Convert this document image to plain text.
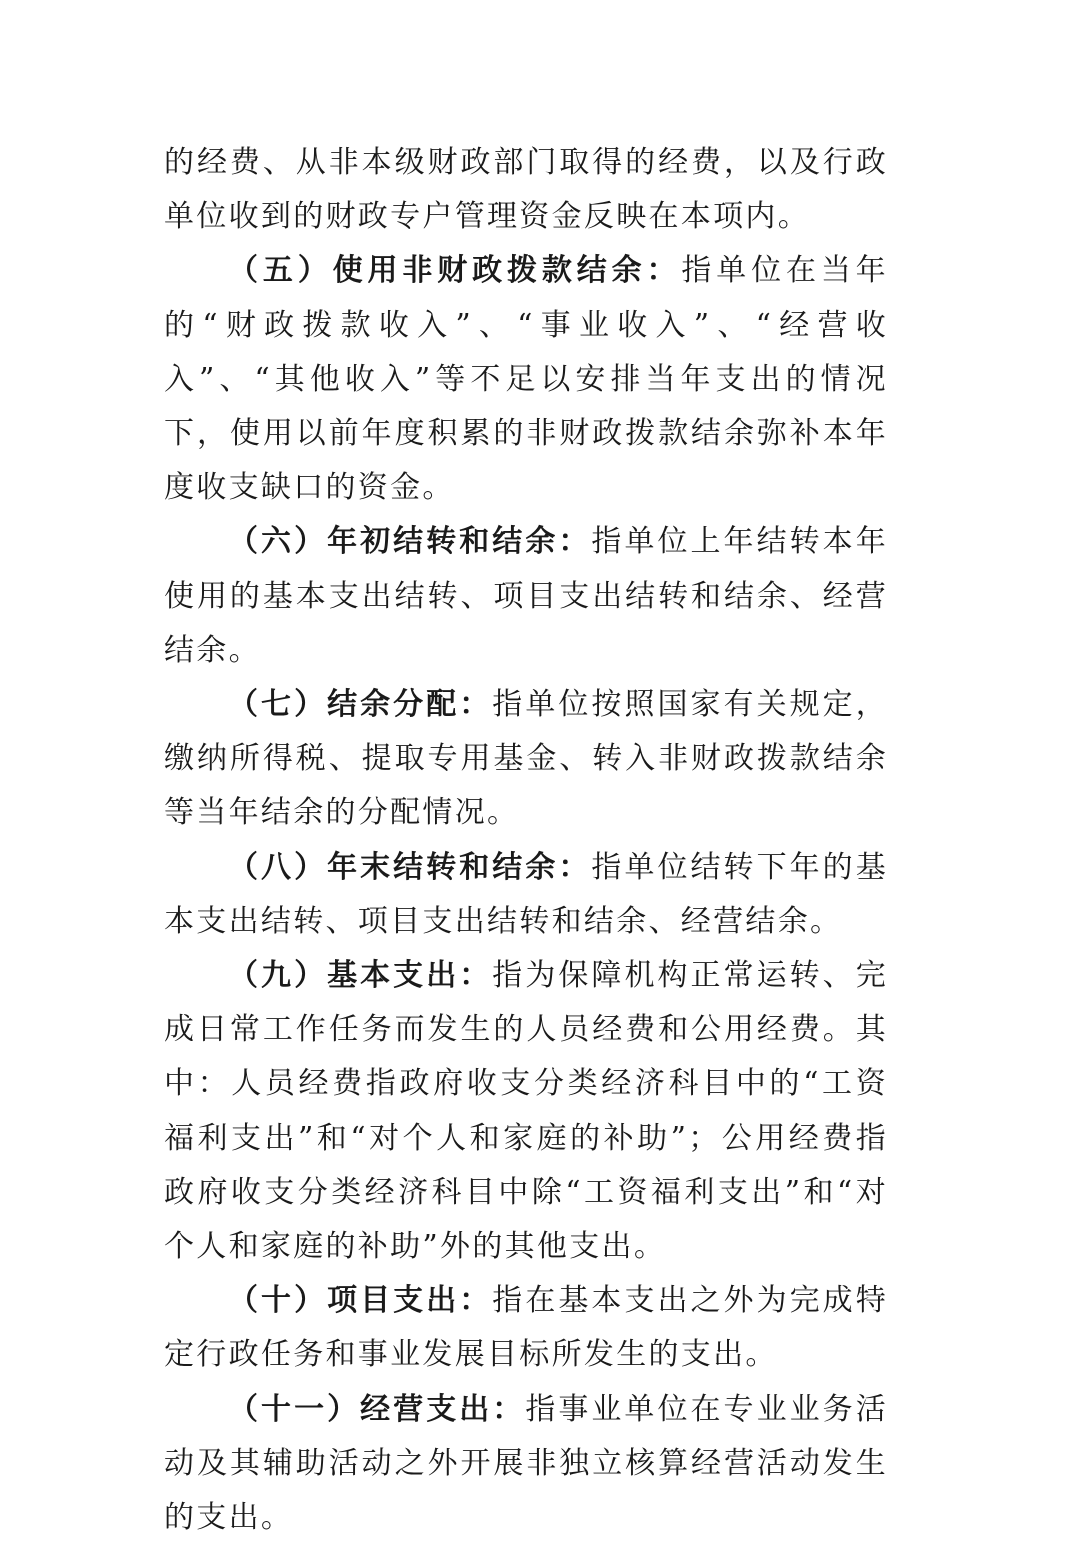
的经费、从非本级财政部门取得的经费，以及行政单位收到的财政专户管理资金反映在本项内。

（五）使用非财政拨款结余：指单位在当年的“财政拨款收入”、“事业收入”、“经营收入”、“其他收入”等不足以安排当年支出的情况下，使用以前年度积累的非财政拨款结余弥补本年度收支缺口的资金。

（六）年初结转和结余：指单位上年结转本年使用的基本支出结转、项目支出结转和结余、经营结余。

（七）结余分配：指单位按照国家有关规定，缴纳所得税、提取专用基金、转入非财政拨款结余等当年结余的分配情况。

（八）年末结转和结余：指单位结转下年的基本支出结转、项目支出结转和结余、经营结余。

（九）基本支出：指为保障机构正常运转、完成日常工作任务而发生的人员经费和公用经费。其中：人员经费指政府收支分类经济科目中的“工资福利支出”和“对个人和家庭的补助”；公用经费指政府收支分类经济科目中除“工资福利支出”和“对个人和家庭的补助”外的其他支出。

（十）项目支出：指在基本支出之外为完成特定行政任务和事业发展目标所发生的支出。

（十一）经营支出：指事业单位在专业业务活动及其辅助活动之外开展非独立核算经营活动发生的支出。
